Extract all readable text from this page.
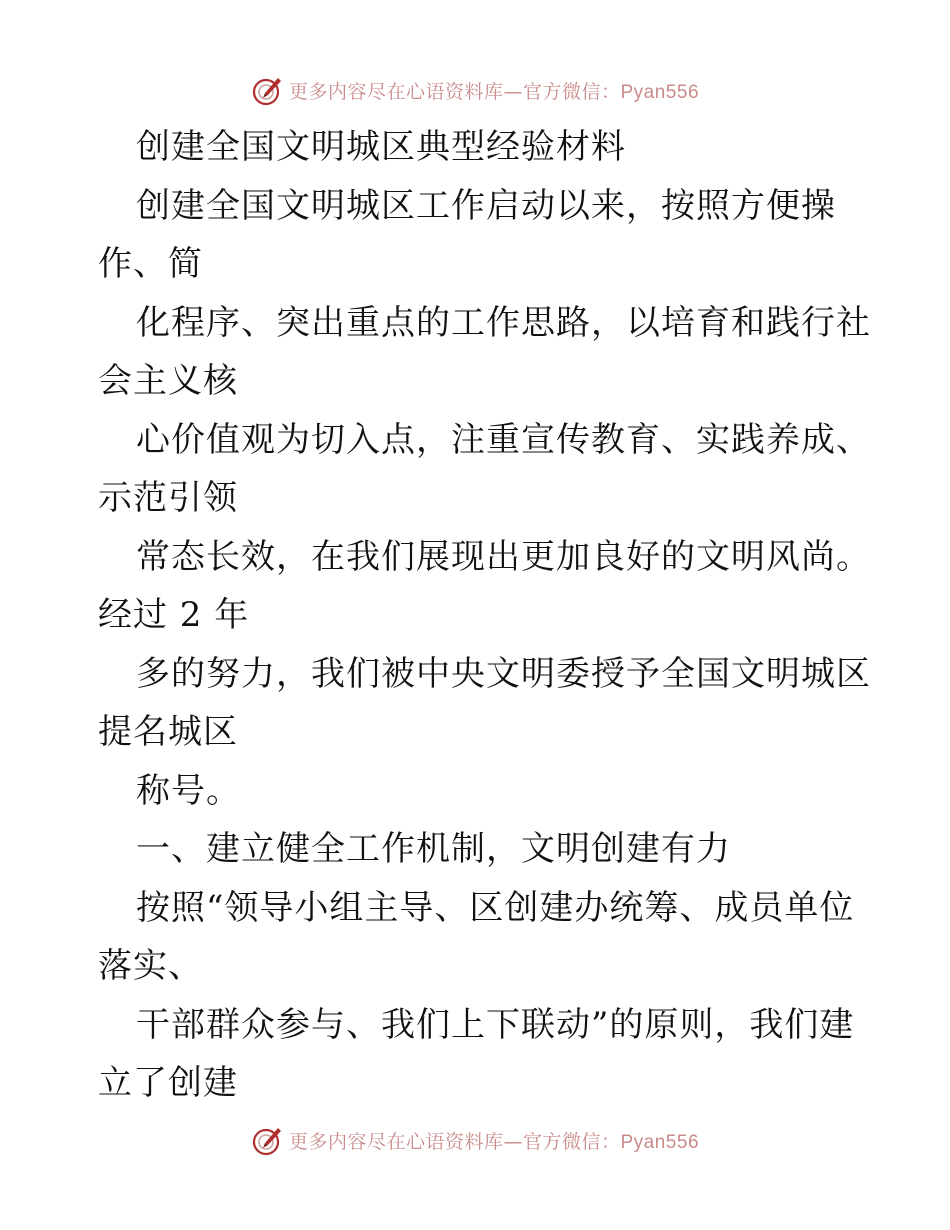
更多内容尽在心语资料库—官方微信：Pyan556
创建全国文明城区典型经验材料
创建全国文明城区工作启动以来，按照方便操
作、简
化程序、突出重点的工作思路，以培育和践行社
会主义核
心价值观为切入点，注重宣传教育、实践养成、
示范引领
常态长效，在我们展现出更加良好的文明风尚。
经过 2 年
多的努力，我们被中央文明委授予全国文明城区
提名城区
称号。
一、建立健全工作机制，文明创建有力
按照“领导小组主导、区创建办统筹、成员单位
落实、
干部群众参与、我们上下联动”的原则，我们建
立了创建
更多内容尽在心语资料库—官方微信：Pyan556
